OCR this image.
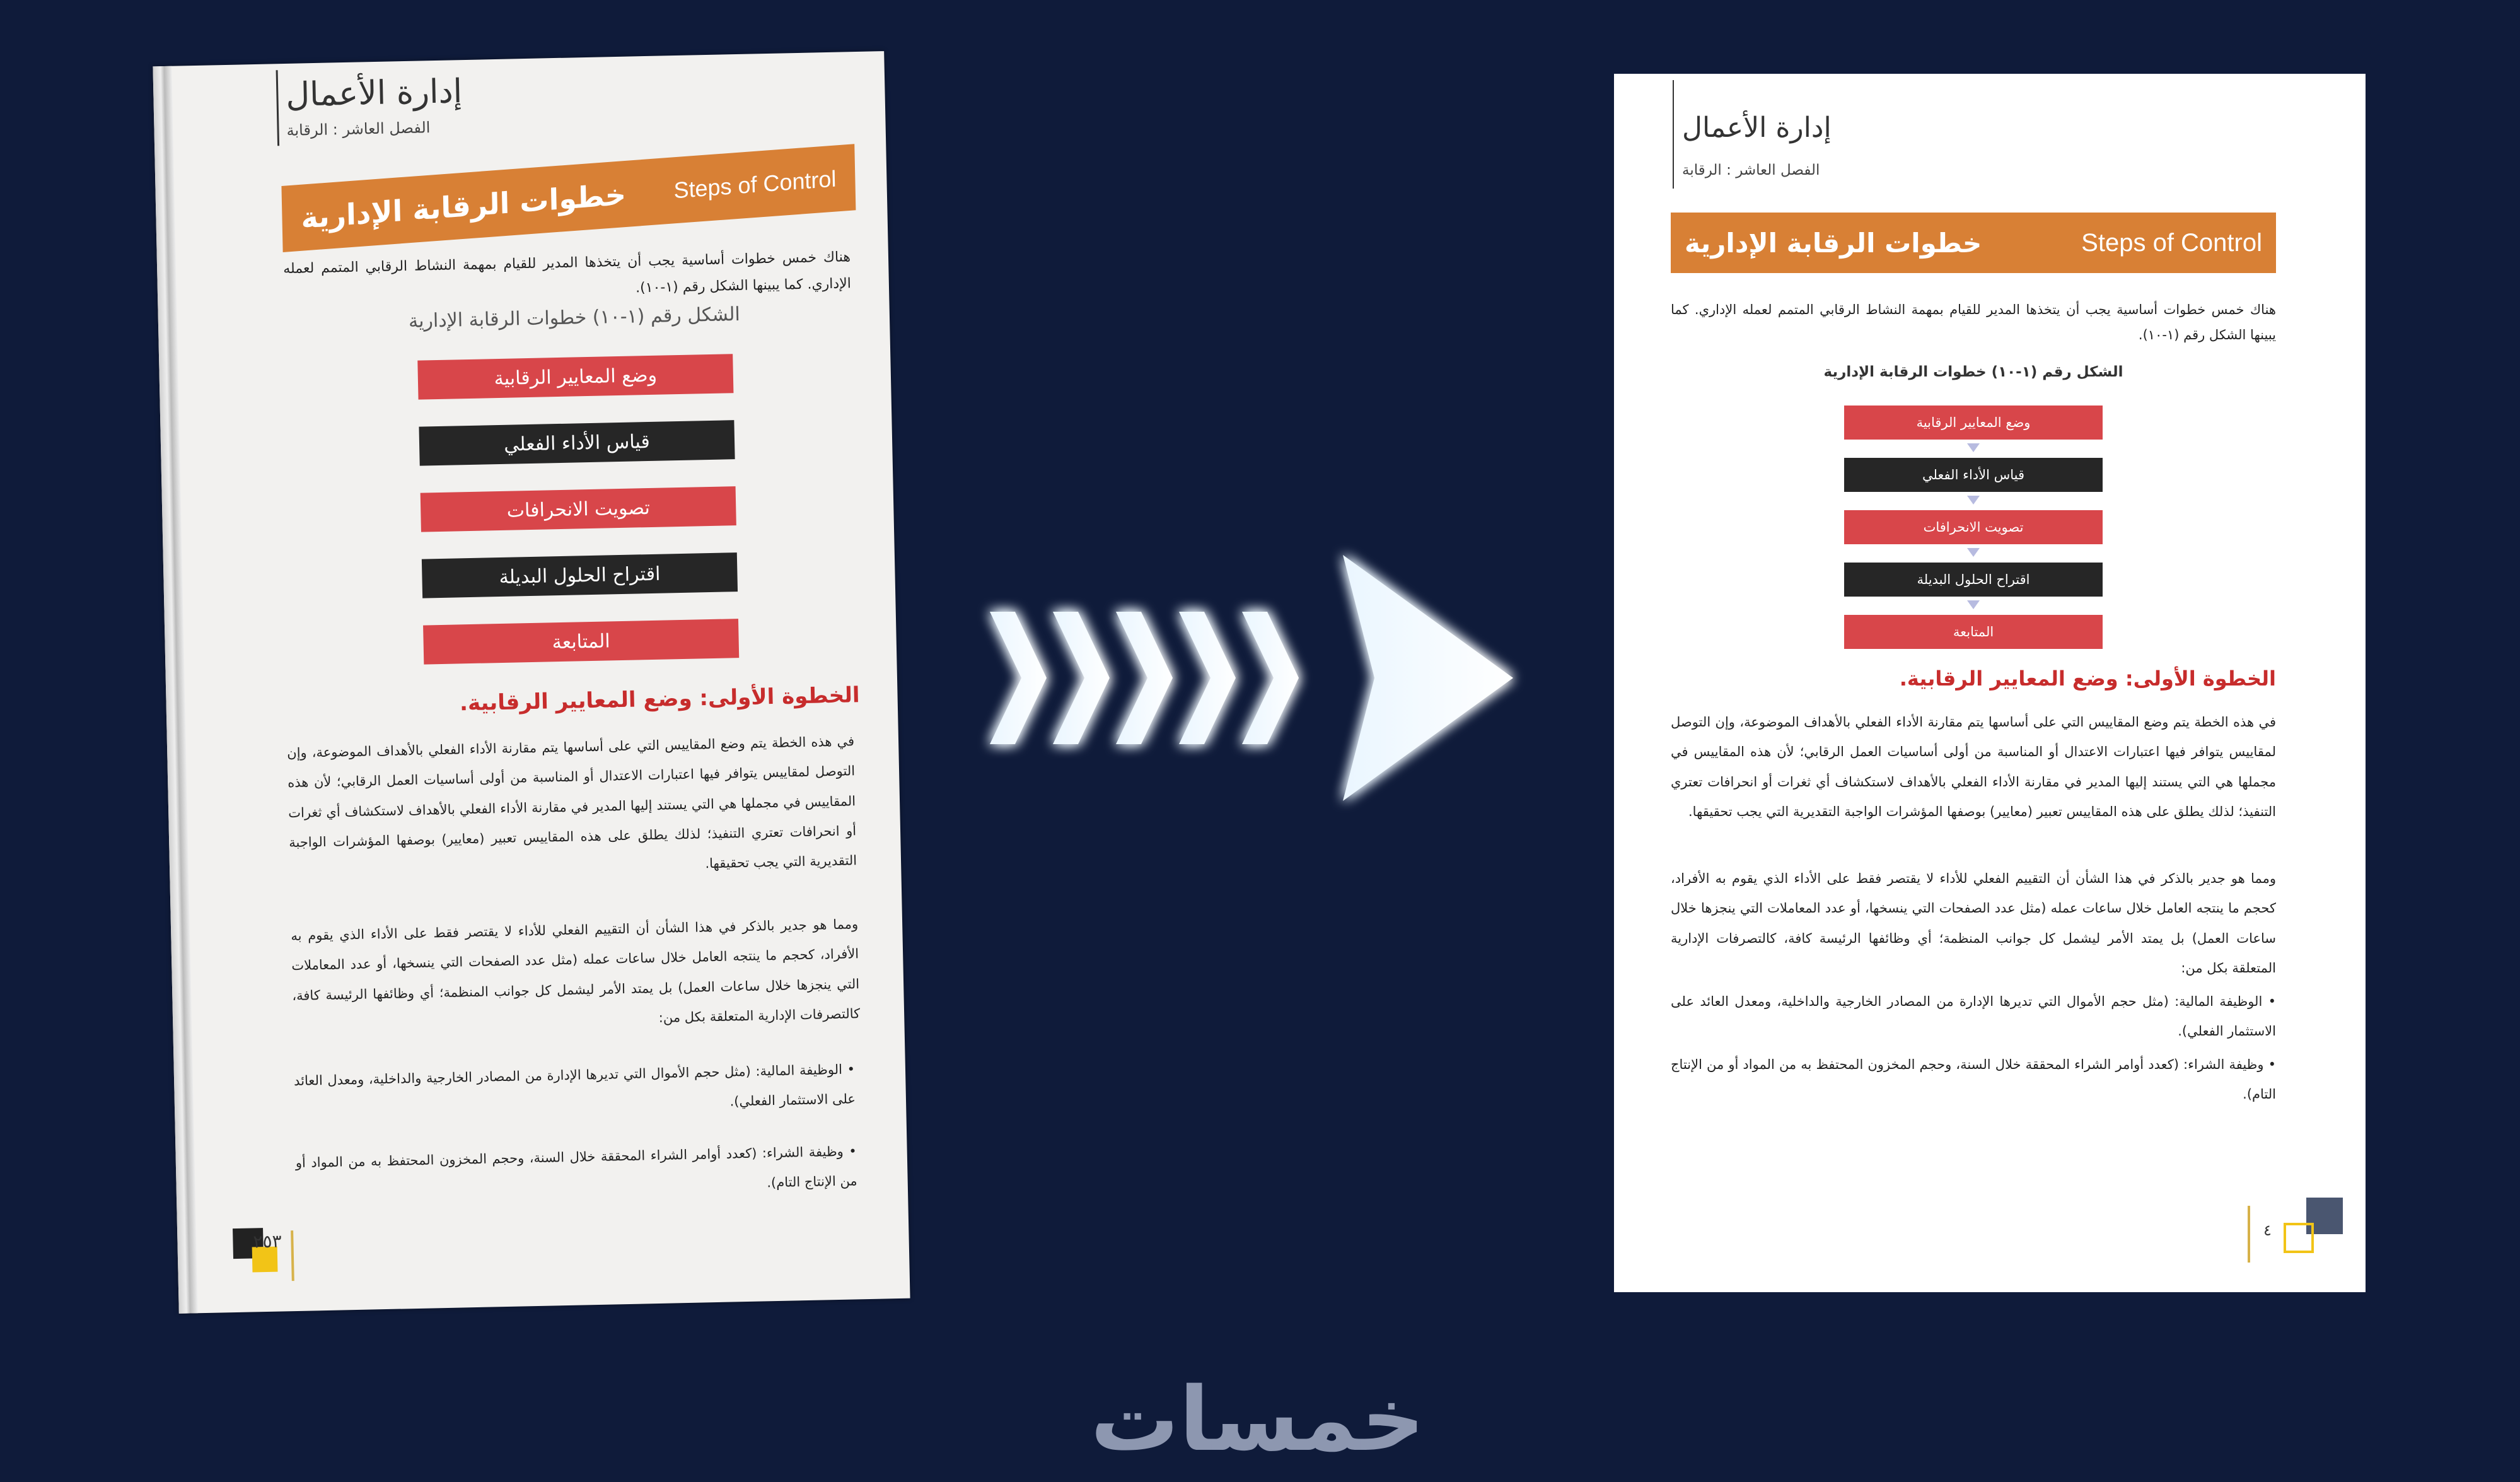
إدارة الأعمال
الفصل العاشر : الرقابة
Steps of Control
خطوات الرقابة الإدارية
هناك خمس خطوات أساسية يجب أن يتخذها المدير للقيام بمهمة النشاط الرقابي المتمم لعمله الإداري. كما يبينها الشكل رقم (١-١٠).
الشكل رقم (١-١٠) خطوات الرقابة الإدارية
وضع المعايير الرقابية
قياس الأداء الفعلي
تصويت الانحرافات
اقتراح الحلول البديلة
المتابعة
الخطوة الأولى: وضع المعايير الرقابية.
في هذه الخطة يتم وضع المقاييس التي على أساسها يتم مقارنة الأداء الفعلي بالأهداف الموضوعة، وإن التوصل لمقاييس يتوافر فيها اعتبارات الاعتدال أو المناسبة من أولى أساسيات العمل الرقابي؛ لأن هذه المقاييس في مجملها هي التي يستند إليها المدير في مقارنة الأداء الفعلي بالأهداف لاستكشاف أي ثغرات أو انحرافات تعتري التنفيذ؛ لذلك يطلق على هذه المقاييس تعبير (معايير) بوصفها المؤشرات الواجبة التقديرية التي يجب تحقيقها.
ومما هو جدير بالذكر في هذا الشأن أن التقييم الفعلي للأداء لا يقتصر فقط على الأداء الذي يقوم به الأفراد، كحجم ما ينتجه العامل خلال ساعات عمله (مثل عدد الصفحات التي ينسخها، أو عدد المعاملات التي ينجزها خلال ساعات العمل) بل يمتد الأمر ليشمل كل جوانب المنظمة؛ أي وظائفها الرئيسة كافة، كالتصرفات الإدارية المتعلقة بكل من:
• الوظيفة المالية: (مثل حجم الأموال التي تديرها الإدارة من المصادر الخارجية والداخلية، ومعدل العائد على الاستثمار الفعلي).
• وظيفة الشراء: (كعدد أوامر الشراء المحققة خلال السنة، وحجم المخزون المحتفظ به من المواد أو من الإنتاج التام).
٢٥٣
إدارة الأعمال
الفصل العاشر : الرقابة
Steps of Control
خطوات الرقابة الإدارية
هناك خمس خطوات أساسية يجب أن يتخذها المدير للقيام بمهمة النشاط الرقابي المتمم لعمله الإداري. كما يبينها الشكل رقم (١-١٠).
الشكل رقم (١-١٠) خطوات الرقابة الإدارية
وضع المعايير الرقابية
قياس الأداء الفعلي
تصويت الانحرافات
اقتراح الحلول البديلة
المتابعة
الخطوة الأولى: وضع المعايير الرقابية.
في هذه الخطة يتم وضع المقاييس التي على أساسها يتم مقارنة الأداء الفعلي بالأهداف الموضوعة، وإن التوصل لمقاييس يتوافر فيها اعتبارات الاعتدال أو المناسبة من أولى أساسيات العمل الرقابي؛ لأن هذه المقاييس في مجملها هي التي يستند إليها المدير في مقارنة الأداء الفعلي بالأهداف لاستكشاف أي ثغرات أو انحرافات تعتري التنفيذ؛ لذلك يطلق على هذه المقاييس تعبير (معايير) بوصفها المؤشرات الواجبة التقديرية التي يجب تحقيقها.
ومما هو جدير بالذكر في هذا الشأن أن التقييم الفعلي للأداء لا يقتصر فقط على الأداء الذي يقوم به الأفراد، كحجم ما ينتجه العامل خلال ساعات عمله (مثل عدد الصفحات التي ينسخها، أو عدد المعاملات التي ينجزها خلال ساعات العمل) بل يمتد الأمر ليشمل كل جوانب المنظمة؛ أي وظائفها الرئيسة كافة، كالتصرفات الإدارية المتعلقة بكل من:
• الوظيفة المالية: (مثل حجم الأموال التي تديرها الإدارة من المصادر الخارجية والداخلية، ومعدل العائد على الاستثمار الفعلي).
• وظيفة الشراء: (كعدد أوامر الشراء المحققة خلال السنة، وحجم المخزون المحتفظ به من المواد أو من الإنتاج التام).
٤
خمسات
